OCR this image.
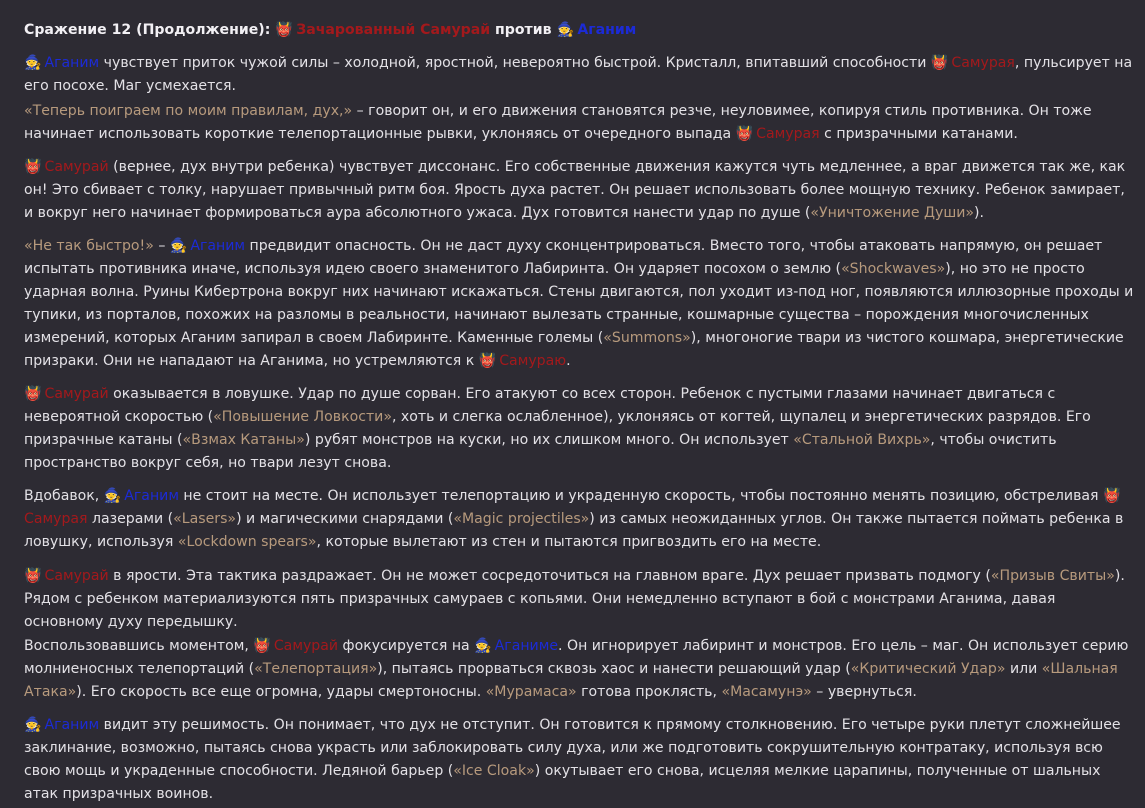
Сражение 12 (Продолжение): 👹 Зачарованный Самурай против 🧙 Аганим

🧙 Аганим чувствует приток чужой силы – холодной, яростной, невероятно быстрой. Кристалл, впитавший способности 👹 Самурая, пульсирует на его посохе. Маг усмехается.

«Теперь поиграем по моим правилам, дух,» – говорит он, и его движения становятся резче, неуловимее, копируя стиль противника. Он тоже начинает использовать короткие телепортационные рывки, уклоняясь от очередного выпада 👹 Самурая с призрачными катанами.

👹 Самурай (вернее, дух внутри ребенка) чувствует диссонанс. Его собственные движения кажутся чуть медленнее, а враг движется так же, как он! Это сбивает с толку, нарушает привычный ритм боя. Ярость духа растет. Он решает использовать более мощную технику. Ребенок замирает, и вокруг него начинает формироваться аура абсолютного ужаса. Дух готовится нанести удар по душе («Уничтожение Души»).

«Не так быстро!» – 🧙 Аганим предвидит опасность. Он не даст духу сконцентрироваться. Вместо того, чтобы атаковать напрямую, он решает испытать противника иначе, используя идею своего знаменитого Лабиринта. Он ударяет посохом о землю («Shockwaves»), но это не просто ударная волна. Руины Кибертрона вокруг них начинают искажаться. Стены двигаются, пол уходит из-под ног, появляются иллюзорные проходы и тупики, из порталов, похожих на разломы в реальности, начинают вылезать странные, кошмарные существа – порождения многочисленных измерений, которых Аганим запирал в своем Лабиринте. Каменные големы («Summons»), многоногие твари из чистого кошмара, энергетические призраки. Они не нападают на Аганима, но устремляются к 👹 Самураю.

👹 Самурай оказывается в ловушке. Удар по душе сорван. Его атакуют со всех сторон. Ребенок с пустыми глазами начинает двигаться с невероятной скоростью («Повышение Ловкости», хоть и слегка ослабленное), уклоняясь от когтей, щупалец и энергетических разрядов. Его призрачные катаны («Взмах Катаны») рубят монстров на куски, но их слишком много. Он использует «Стальной Вихрь», чтобы очистить пространство вокруг себя, но твари лезут снова.

Вдобавок, 🧙 Аганим не стоит на месте. Он использует телепортацию и украденную скорость, чтобы постоянно менять позицию, обстреливая 👹 Самурая лазерами («Lasers») и магическими снарядами («Magic projectiles») из самых неожиданных углов. Он также пытается поймать ребенка в ловушку, используя «Lockdown spears», которые вылетают из стен и пытаются пригвоздить его на месте.

👹 Самурай в ярости. Эта тактика раздражает. Он не может сосредоточиться на главном враге. Дух решает призвать подмогу («Призыв Свиты»). Рядом с ребенком материализуются пять призрачных самураев с копьями. Они немедленно вступают в бой с монстрами Аганима, давая основному духу передышку.

Воспользовавшись моментом, 👹 Самурай фокусируется на 🧙 Аганиме. Он игнорирует лабиринт и монстров. Его цель – маг. Он использует серию молниеносных телепортаций («Телепортация»), пытаясь прорваться сквозь хаос и нанести решающий удар («Критический Удар» или «Шальная Атака»). Его скорость все еще огромна, удары смертоносны. «Мурамаса» готова проклясть, «Масамунэ» – увернуться.

🧙 Аганим видит эту решимость. Он понимает, что дух не отступит. Он готовится к прямому столкновению. Его четыре руки плетут сложнейшее заклинание, возможно, пытаясь снова украсть или заблокировать силу духа, или же подготовить сокрушительную контратаку, используя всю свою мощь и украденные способности. Ледяной барьер («Ice Cloak») окутывает его снова, исцеляя мелкие царапины, полученные от шальных атак призрачных воинов.
